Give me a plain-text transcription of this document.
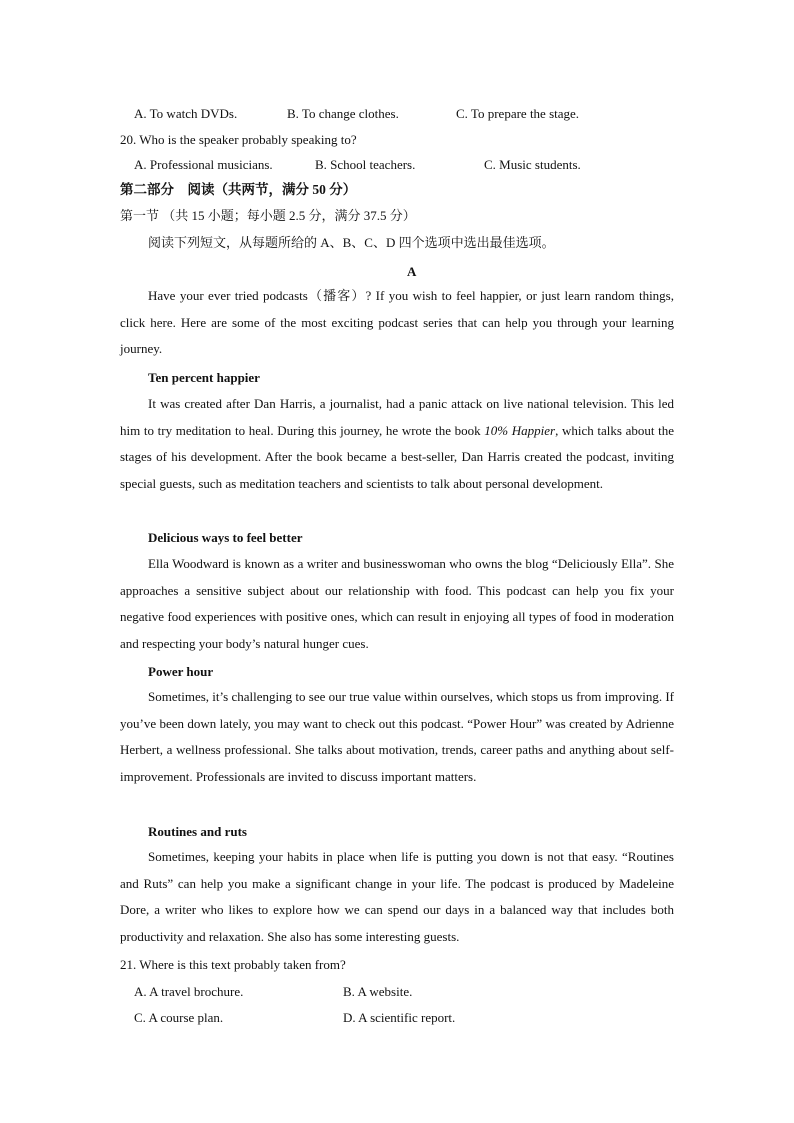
A. To watch DVDs.	B. To change clothes.	C. To prepare the stage.
20. Who is the speaker probably speaking to?
A. Professional musicians.	B. School teachers.	C. Music students.
第二部分　阅读（共两节，满分 50 分）
第一节 （共 15 小题；每小题 2.5 分，满分 37.5 分）
阅读下列短文，从每题所给的 A、B、C、D 四个选项中选出最佳选项。
A
Have your ever tried podcasts（播客）? If you wish to feel happier, or just learn random things, click here. Here are some of the most exciting podcast series that can help you through your learning journey.
Ten percent happier
It was created after Dan Harris, a journalist, had a panic attack on live national television. This led him to try meditation to heal. During this journey, he wrote the book 10% Happier, which talks about the stages of his development. After the book became a best-seller, Dan Harris created the podcast, inviting special guests, such as meditation teachers and scientists to talk about personal development.
Delicious ways to feel better
Ella Woodward is known as a writer and businesswoman who owns the blog “Deliciously Ella”. She approaches a sensitive subject about our relationship with food. This podcast can help you fix your negative food experiences with positive ones, which can result in enjoying all types of food in moderation and respecting your body’s natural hunger cues.
Power hour
Sometimes, it’s challenging to see our true value within ourselves, which stops us from improving. If you’ve been down lately, you may want to check out this podcast. “Power Hour” was created by Adrienne Herbert, a wellness professional. She talks about motivation, trends, career paths and anything about self-improvement. Professionals are invited to discuss important matters.
Routines and ruts
Sometimes, keeping your habits in place when life is putting you down is not that easy. “Routines and Ruts” can help you make a significant change in your life. The podcast is produced by Madeleine Dore, a writer who likes to explore how we can spend our days in a balanced way that includes both productivity and relaxation. She also has some interesting guests.
21. Where is this text probably taken from?
A. A travel brochure.	B. A website.
C. A course plan.	D. A scientific report.
